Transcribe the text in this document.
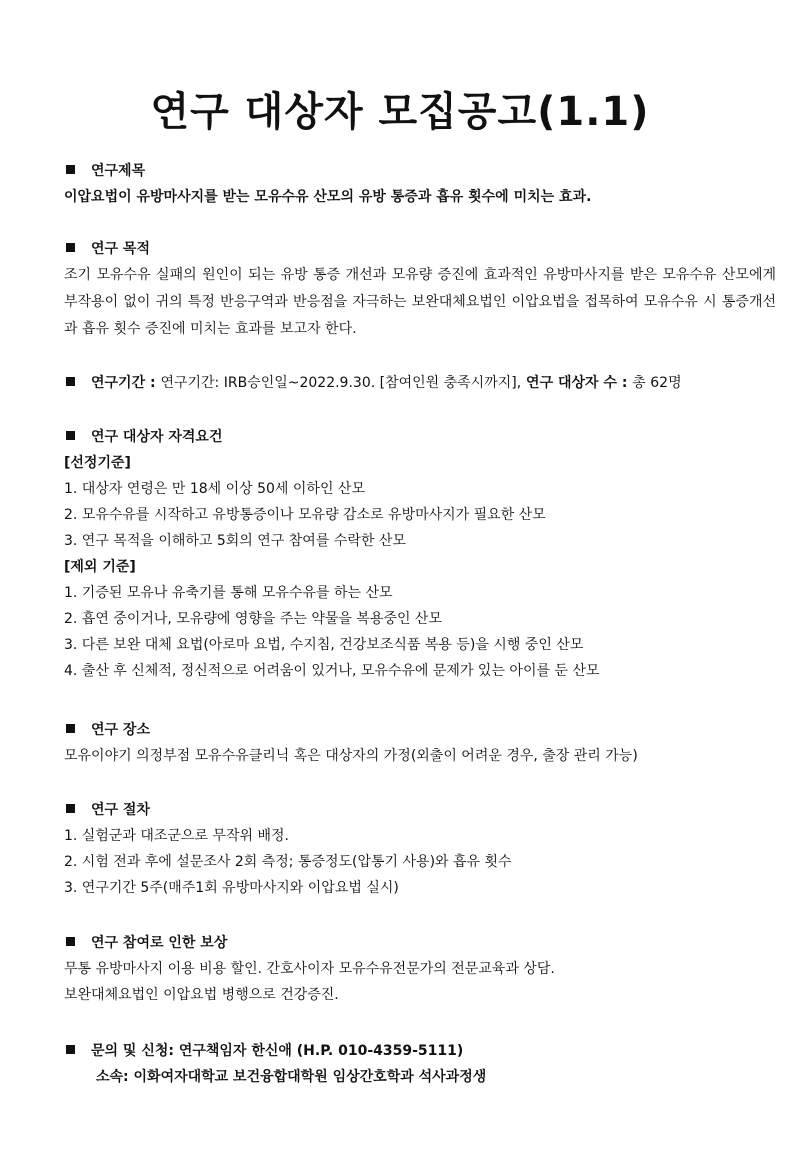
연구 대상자 모집공고(1.1)
연구제목
이압요법이 유방마사지를 받는 모유수유 산모의 유방 통증과 흡유 횟수에 미치는 효과.
연구 목적
조기 모유수유 실패의 원인이 되는 유방 통증 개선과 모유량 증진에 효과적인 유방마사지를 받은 모유수유 산모에게 부작용이 없이 귀의 특정 반응구역과 반응점을 자극하는 보완대체요법인 이압요법을 접목하여 모유수유 시 통증개선과 흡유 횟수 증진에 미치는 효과를 보고자 한다.
연구기간 : 연구기간: IRB승인일~2022.9.30. [참여인원 충족시까지], 연구 대상자 수 : 총 62명
연구 대상자 자격요건
[선정기준]
1. 대상자 연령은 만 18세 이상 50세 이하인 산모
2. 모유수유를 시작하고 유방통증이나 모유량 감소로 유방마사지가 필요한 산모
3. 연구 목적을 이해하고 5회의 연구 참여를 수락한 산모
[제외 기준]
1. 기증된 모유나 유축기를 통해 모유수유를 하는 산모
2. 흡연 중이거나, 모유량에 영향을 주는 약물을 복용중인 산모
3. 다른 보완 대체 요법(아로마 요법, 수지침, 건강보조식품 복용 등)을 시행 중인 산모
4. 출산 후 신체적, 정신적으로 어려움이 있거나, 모유수유에 문제가 있는 아이를 둔 산모
연구 장소
모유이야기 의정부점 모유수유클리닉 혹은 대상자의 가정(외출이 어려운 경우, 출장 관리 가능)
연구 절차
1. 실험군과 대조군으로 무작위 배정.
2. 시험 전과 후에 설문조사 2회 측정; 통증정도(압통기 사용)와 흡유 횟수
3. 연구기간 5주(매주1회 유방마사지와 이압요법 실시)
연구 참여로 인한 보상
무통 유방마사지 이용 비용 할인. 간호사이자 모유수유전문가의 전문교육과 상담.
보완대체요법인 이압요법 병행으로 건강증진.
문의 및 신청: 연구책임자 한신애 (H.P. 010-4359-5111)
소속: 이화여자대학교 보건융합대학원 임상간호학과 석사과정생
